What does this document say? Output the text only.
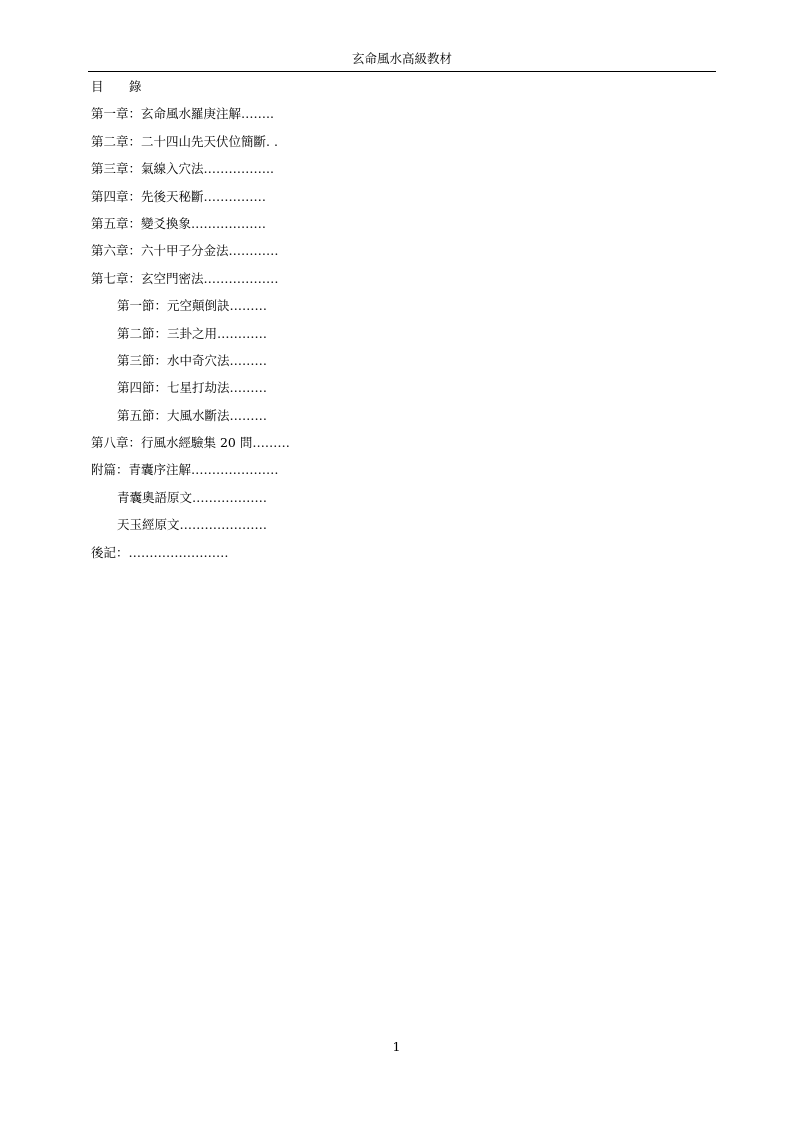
玄命風水高級教材
目 錄
第一章：玄命風水羅庚注解……..
第二章：二十四山先天伏位簡斷. .
第三章：氣線入穴法……………..
第四章：先後天秘斷……………
第五章：變爻換象………………
第六章：六十甲子分金法…………
第七章：玄空門密法………………
第一節：元空顛倒訣………
第二節：三卦之用…………
第三節：水中奇穴法………
第四節：七星打劫法………
第五節：大風水斷法………
第八章：行風水經驗集 20 問………
附篇：青囊序注解…………………
青囊奧語原文………………
天玉經原文…………………
後記：……………………
1
